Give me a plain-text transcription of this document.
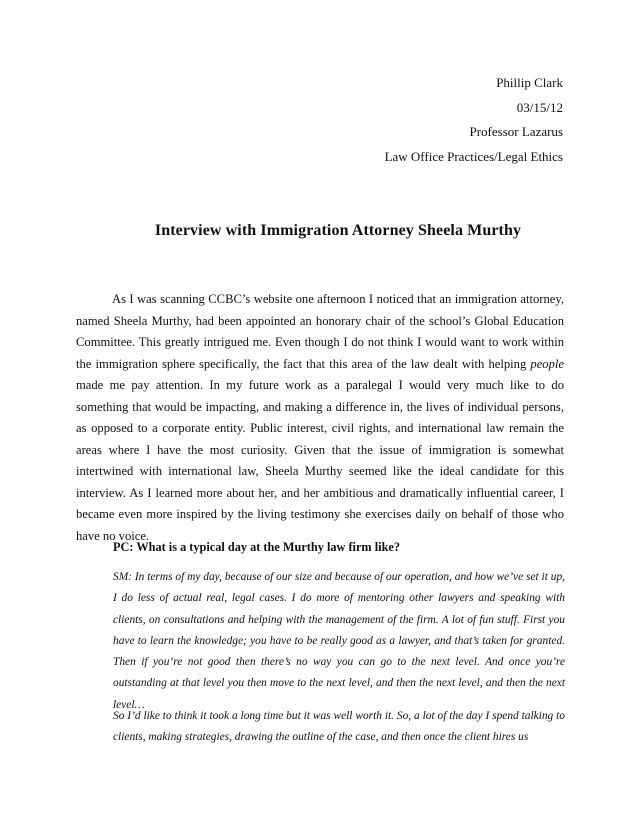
Phillip Clark
03/15/12
Professor Lazarus
Law Office Practices/Legal Ethics
Interview with Immigration Attorney Sheela Murthy
As I was scanning CCBC’s website one afternoon I noticed that an immigration attorney, named Sheela Murthy, had been appointed an honorary chair of the school’s Global Education Committee. This greatly intrigued me. Even though I do not think I would want to work within the immigration sphere specifically, the fact that this area of the law dealt with helping people made me pay attention. In my future work as a paralegal I would very much like to do something that would be impacting, and making a difference in, the lives of individual persons, as opposed to a corporate entity. Public interest, civil rights, and international law remain the areas where I have the most curiosity. Given that the issue of immigration is somewhat intertwined with international law, Sheela Murthy seemed like the ideal candidate for this interview. As I learned more about her, and her ambitious and dramatically influential career, I became even more inspired by the living testimony she exercises daily on behalf of those who have no voice.
PC: What is a typical day at the Murthy law firm like?
SM: In terms of my day, because of our size and because of our operation, and how we’ve set it up, I do less of actual real, legal cases. I do more of mentoring other lawyers and speaking with clients, on consultations and helping with the management of the firm. A lot of fun stuff. First you have to learn the knowledge; you have to be really good as a lawyer, and that’s taken for granted. Then if you’re not good then there’s no way you can go to the next level. And once you’re outstanding at that level you then move to the next level, and then the next level, and then the next level…
So I’d like to think it took a long time but it was well worth it. So, a lot of the day I spend talking to clients, making strategies, drawing the outline of the case, and then once the client hires us
